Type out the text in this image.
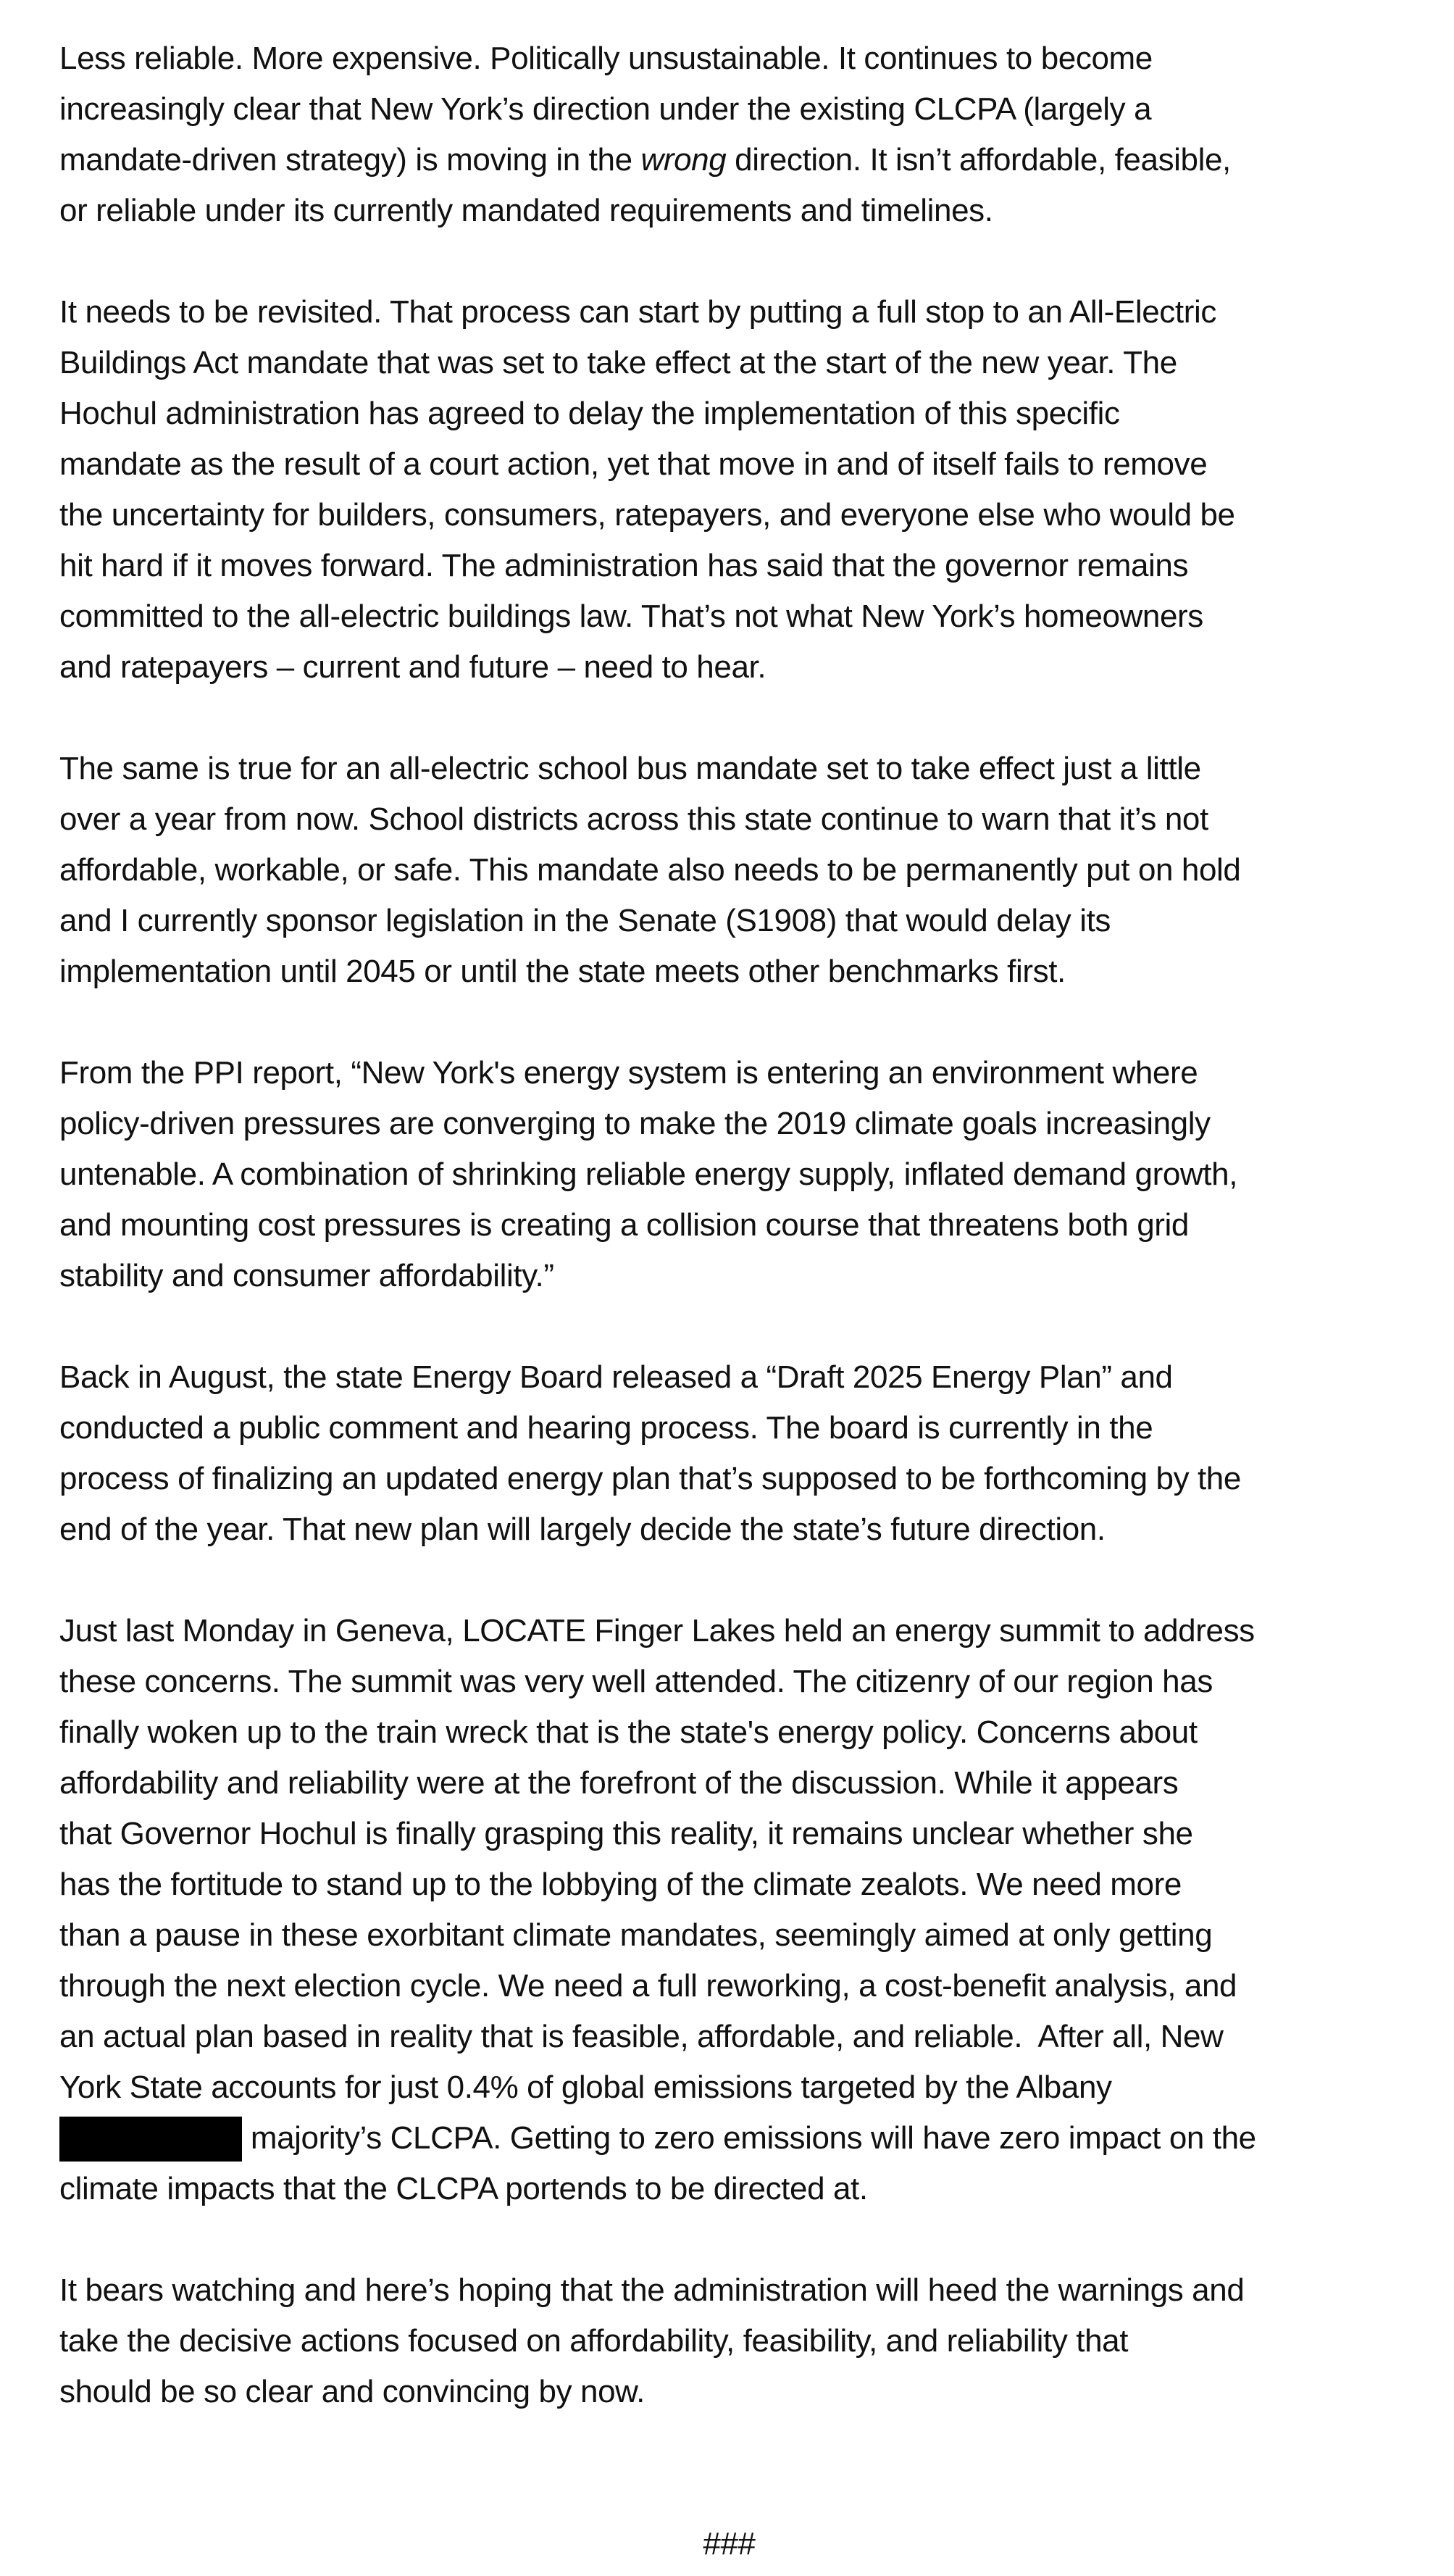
Less reliable. More expensive. Politically unsustainable. It continues to become
increasingly clear that New York’s direction under the existing CLCPA (largely a
mandate-driven strategy) is moving in the wrong direction. It isn’t affordable, feasible,
or reliable under its currently mandated requirements and timelines.
It needs to be revisited. That process can start by putting a full stop to an All-Electric
Buildings Act mandate that was set to take effect at the start of the new year. The
Hochul administration has agreed to delay the implementation of this specific
mandate as the result of a court action, yet that move in and of itself fails to remove
the uncertainty for builders, consumers, ratepayers, and everyone else who would be
hit hard if it moves forward. The administration has said that the governor remains
committed to the all-electric buildings law. That’s not what New York’s homeowners
and ratepayers – current and future – need to hear.
The same is true for an all-electric school bus mandate set to take effect just a little
over a year from now. School districts across this state continue to warn that it’s not
affordable, workable, or safe. This mandate also needs to be permanently put on hold
and I currently sponsor legislation in the Senate (S1908) that would delay its
implementation until 2045 or until the state meets other benchmarks first.
From the PPI report, “New York's energy system is entering an environment where
policy-driven pressures are converging to make the 2019 climate goals increasingly
untenable. A combination of shrinking reliable energy supply, inflated demand growth,
and mounting cost pressures is creating a collision course that threatens both grid
stability and consumer affordability.”
Back in August, the state Energy Board released a “Draft 2025 Energy Plan” and
conducted a public comment and hearing process. The board is currently in the
process of finalizing an updated energy plan that’s supposed to be forthcoming by the
end of the year. That new plan will largely decide the state’s future direction.
Just last Monday in Geneva, LOCATE Finger Lakes held an energy summit to address
these concerns. The summit was very well attended. The citizenry of our region has
finally woken up to the train wreck that is the state's energy policy. Concerns about
affordability and reliability were at the forefront of the discussion. While it appears
that Governor Hochul is finally grasping this reality, it remains unclear whether she
has the fortitude to stand up to the lobbying of the climate zealots. We need more
than a pause in these exorbitant climate mandates, seemingly aimed at only getting
through the next election cycle. We need a full reworking, a cost-benefit analysis, and
an actual plan based in reality that is feasible, affordable, and reliable.  After all, New
York State accounts for just 0.4% of global emissions targeted by the Albany
majority’s CLCPA. Getting to zero emissions will have zero impact on the
climate impacts that the CLCPA portends to be directed at.
It bears watching and here’s hoping that the administration will heed the warnings and
take the decisive actions focused on affordability, feasibility, and reliability that
should be so clear and convincing by now.
###
